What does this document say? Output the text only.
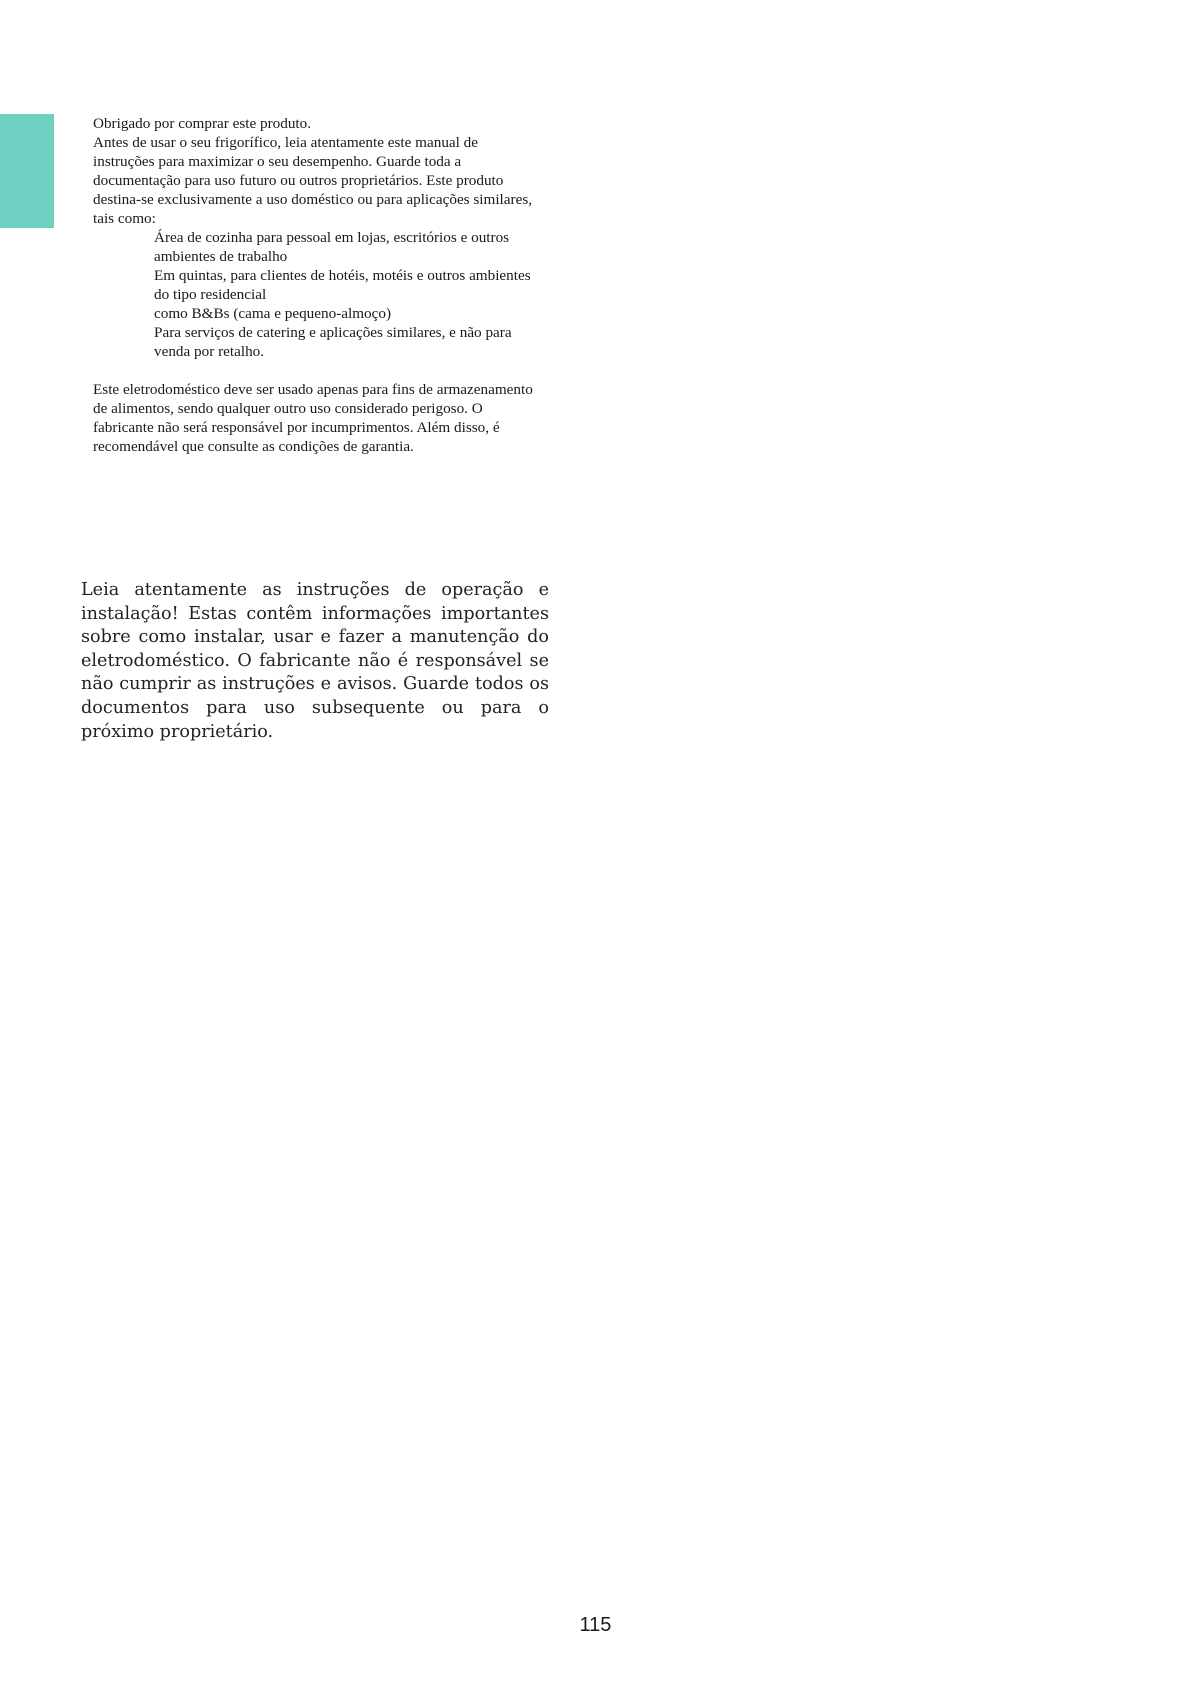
Obrigado por comprar este produto.

Antes de usar o seu frigorífico, leia atentamente este manual de instruções para maximizar o seu desempenho. Guarde toda a documentação para uso futuro ou outros proprietários. Este produto destina-se exclusivamente a uso doméstico ou para aplicações similares, tais como:

Área de cozinha para pessoal em lojas, escritórios e outros ambientes de trabalho
Em quintas, para clientes de hotéis, motéis e outros ambientes do tipo residencial
como B&Bs (cama e pequeno-almoço)
Para serviços de catering e aplicações similares, e não para venda por retalho.

Este eletrodoméstico deve ser usado apenas para fins de armazenamento de alimentos, sendo qualquer outro uso considerado perigoso. O fabricante não será responsável por incumprimentos. Além disso, é recomendável que consulte as condições de garantia.

Leia atentamente as instruções de operação e instalação! Estas contêm informações importantes sobre como instalar, usar e fazer a manutenção do eletrodoméstico. O fabricante não é responsável se não cumprir as instruções e avisos. Guarde todos os documentos para uso subsequente ou para o próximo proprietário.

115
